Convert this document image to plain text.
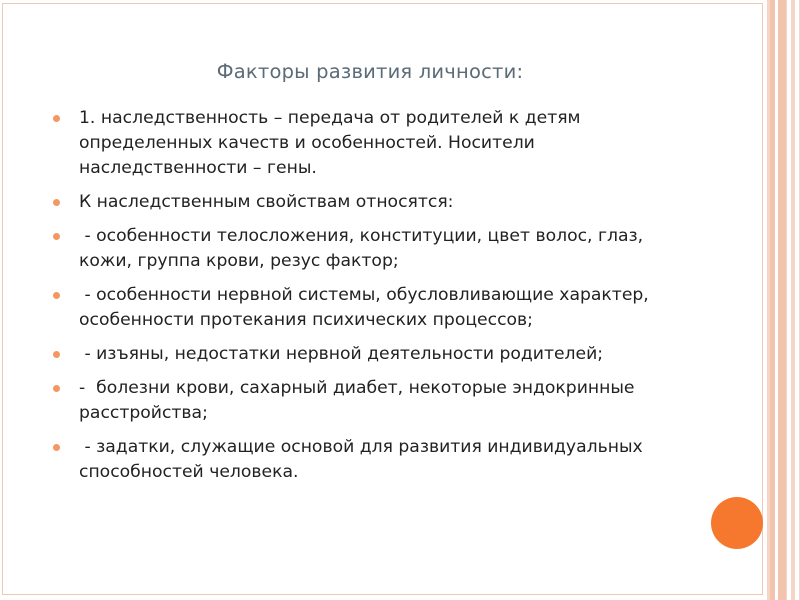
Факторы развития личности:
1. наследственность – передача от родителей к детям определенных качеств и особенностей. Носители наследственности – гены.
К наследственным свойствам относятся:
- особенности телосложения, конституции, цвет волос, глаз, кожи, группа крови, резус фактор;
- особенности нервной системы, обусловливающие характер, особенности протекания психических процессов;
- изъяны, недостатки нервной деятельности родителей;
-  болезни крови, сахарный диабет, некоторые эндокринные расстройства;
- задатки, служащие основой для развития индивидуальных способностей человека.
